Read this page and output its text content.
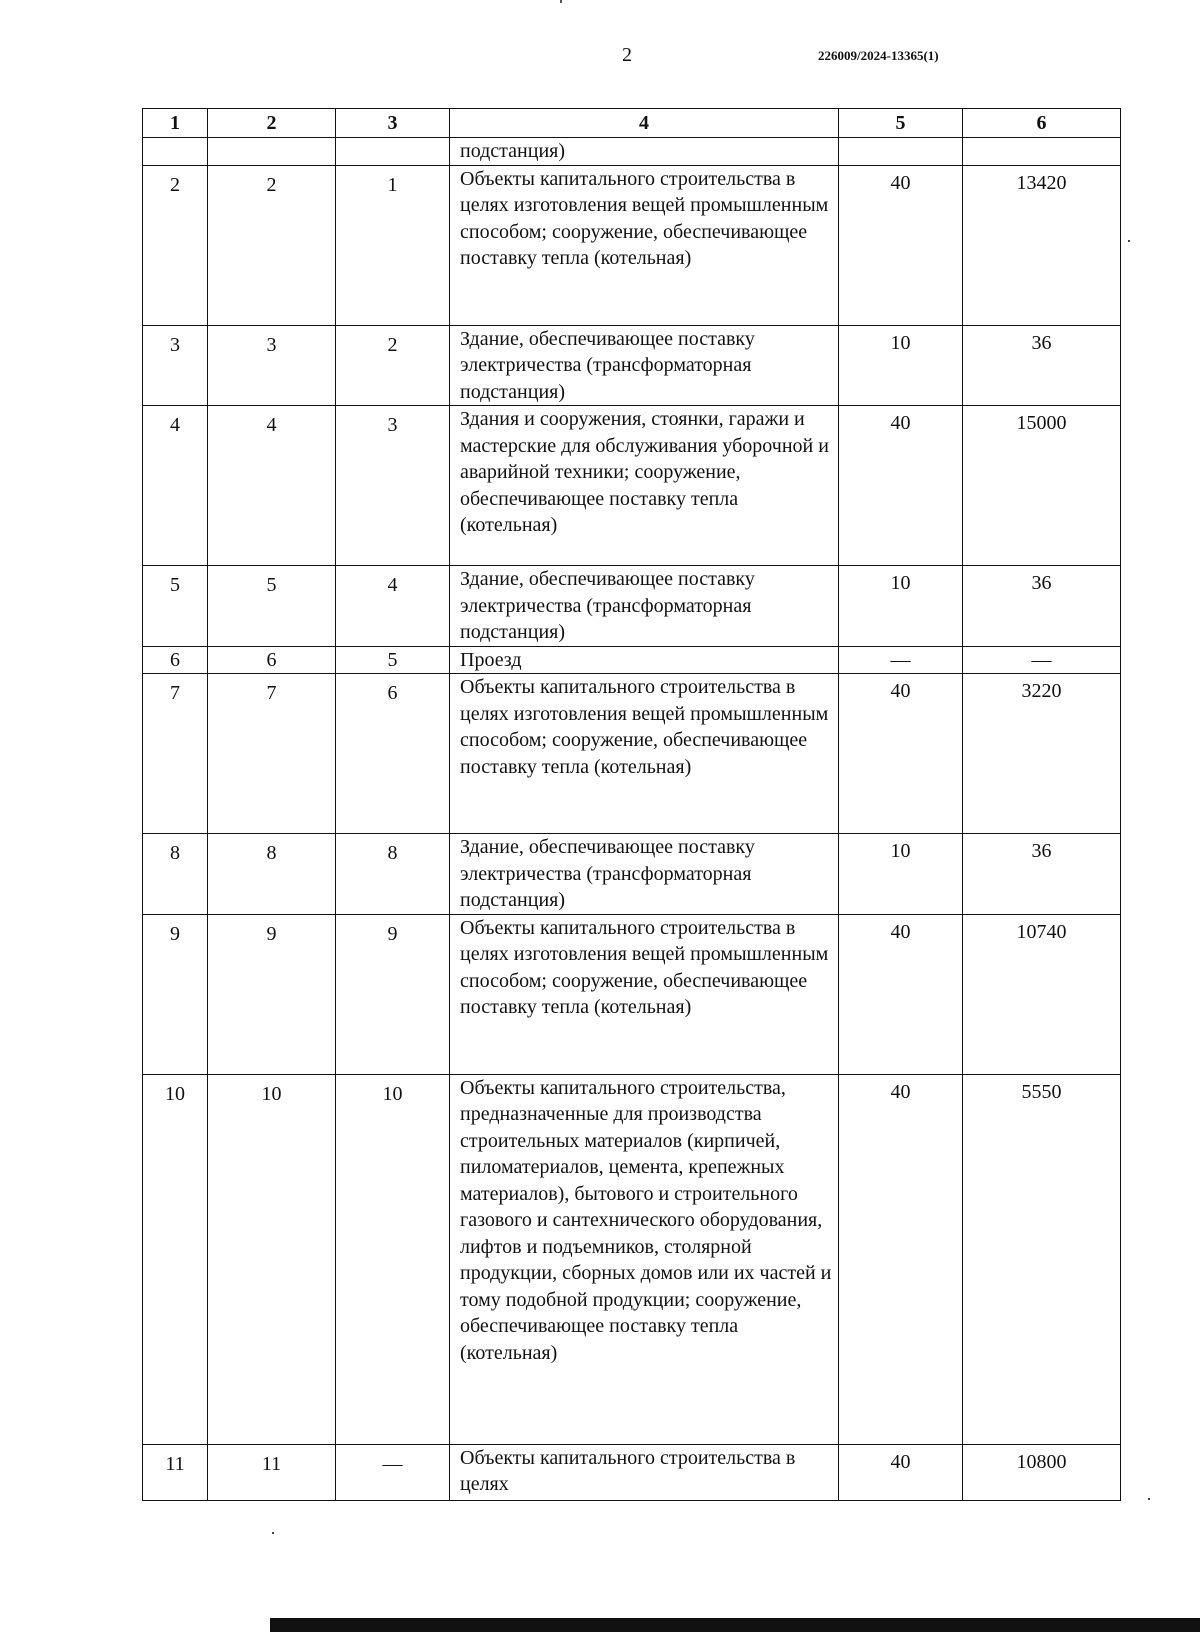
2	226009/2024-13365(1)
1	2	3	4	5	6
			подстанция)		
2	2	1	Объекты капитального строительства в целях изготовления вещей промышленным способом; сооружение, обеспечивающее поставку тепла (котельная)	40	13420
3	3	2	Здание, обеспечивающее поставку электричества (трансформаторная подстанция)	10	36
4	4	3	Здания и сооружения, стоянки, гаражи и мастерские для обслуживания уборочной и аварийной техники; сооружение, обеспечивающее поставку тепла (котельная)	40	15000
5	5	4	Здание, обеспечивающее поставку электричества (трансформаторная подстанция)	10	36
6	6	5	Проезд	—	—
7	7	6	Объекты капитального строительства в целях изготовления вещей промышленным способом; сооружение, обеспечивающее поставку тепла (котельная)	40	3220
8	8	8	Здание, обеспечивающее поставку электричества (трансформаторная подстанция)	10	36
9	9	9	Объекты капитального строительства в целях изготовления вещей промышленным способом; сооружение, обеспечивающее поставку тепла (котельная)	40	10740
10	10	10	Объекты капитального строительства, предназначенные для производства строительных материалов (кирпичей, пиломатериалов, цемента, крепежных материалов), бытового и строительного газового и сантехнического оборудования, лифтов и подъемников, столярной продукции, сборных домов или их частей и тому подобной продукции; сооружение, обеспечивающее поставку тепла (котельная)	40	5550
11	11	—	Объекты капитального строительства в целях	40	10800
